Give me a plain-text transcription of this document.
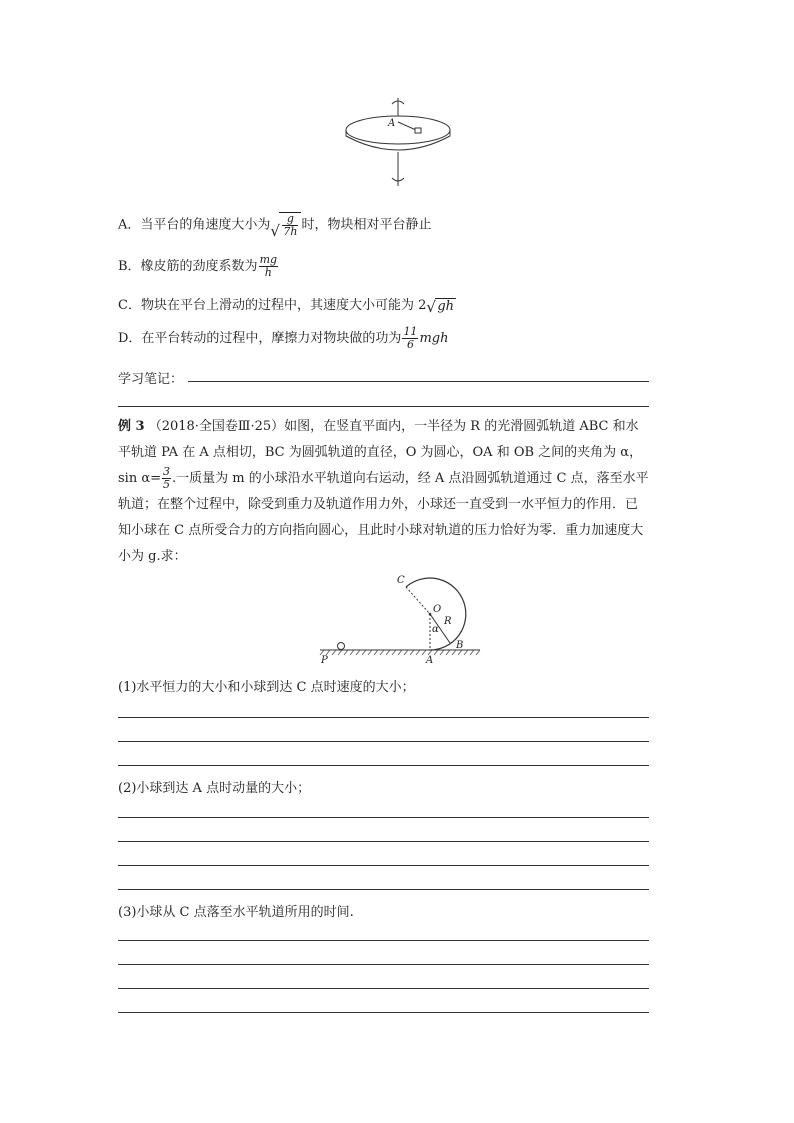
A
A．当平台的角速度大小为 √ $\frac{g}{7h}$ 时，物块相对平台静止
B．橡皮筋的劲度系数为 $\frac{mg}{h}$
C．物块在平台上滑动的过程中，其速度大小可能为 2 √ gh
D．在平台转动的过程中，摩擦力对物块做的功为 $\frac{11}{6}$ mgh
学习笔记：
例 3 （2018·全国卷Ⅲ·25）如图，在竖直平面内，一半径为 R 的光滑圆弧轨道 ABC 和水平轨道 PA 在 A 点相切，BC 为圆弧轨道的直径，O 为圆心，OA 和 OB 之间的夹角为 α，$\sin \alpha= \frac{3}{5}$ .一质量为 m 的小球沿水平轨道向右运动，经 A 点沿圆弧轨道通过 C 点，落至水平轨道；在整个过程中，除受到重力及轨道作用力外，小球还一直受到一水平恒力的作用．已知小球在 C 点所受合力的方向指向圆心，且此时小球对轨道的压力恰好为零．重力加速度大小为 g.求：
C
O
α
R
B
P	A
(1)水平恒力的大小和小球到达 C 点时速度的大小；
(2)小球到达 A 点时动量的大小；
(3)小球从 C 点落至水平轨道所用的时间.
